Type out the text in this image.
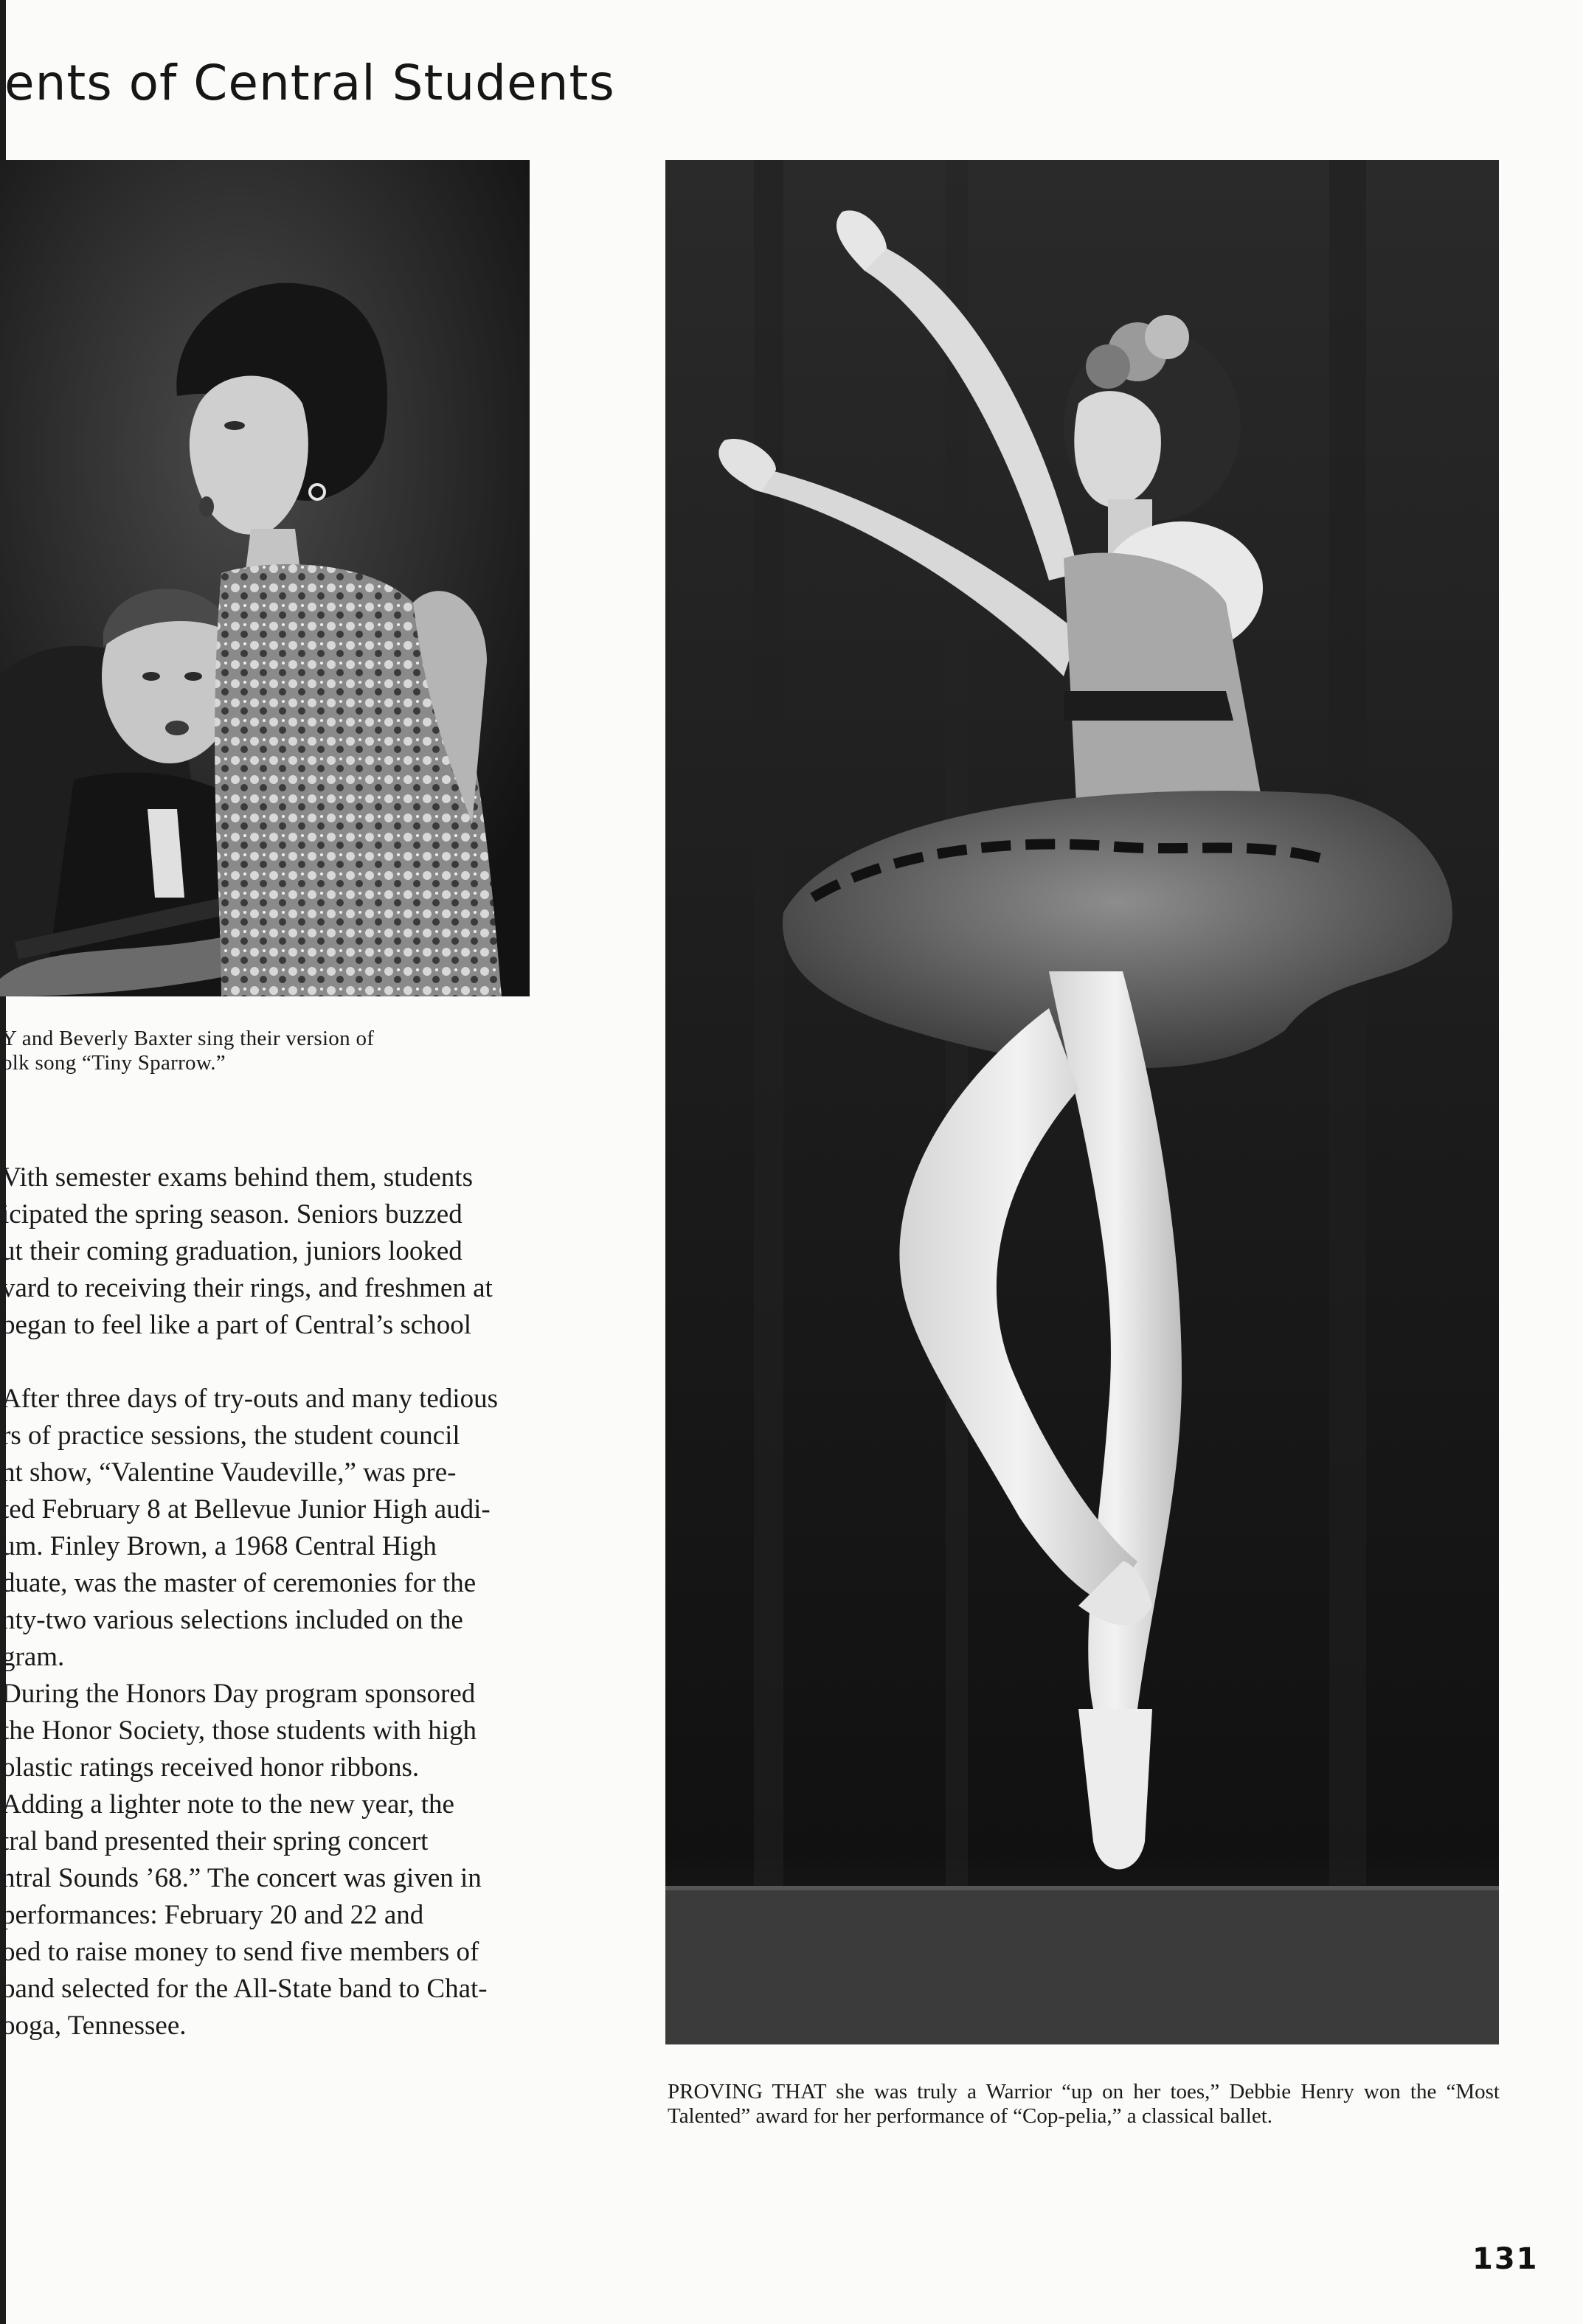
ents of Central Students

Y and Beverly Baxter sing their version of

olk song “Tiny Sparrow.”

Vith semester exams behind them, students

icipated the spring season. Seniors buzzed

ut their coming graduation, juniors looked

vard to receiving their rings, and freshmen at

began to feel like a part of Central’s school

After three days of try-outs and many tedious

rs of practice sessions, the student council

nt show, “Valentine Vaudeville,” was pre-

ted February 8 at Bellevue Junior High audi-

um. Finley Brown, a 1968 Central High

duate, was the master of ceremonies for the

nty-two various selections included on the

gram.

During the Honors Day program sponsored

the Honor Society, those students with high

olastic ratings received honor ribbons.

Adding a lighter note to the new year, the

tral band presented their spring concert

ntral Sounds ’68.” The concert was given in

performances: February 20 and 22 and

oed to raise money to send five members of

band selected for the All-State band to Chat-

ooga, Tennessee.

PROVING THAT she was truly a Warrior “up on her toes,” Debbie Henry won the “Most Talented” award for her performance of “Cop-pelia,” a classical ballet.
131
